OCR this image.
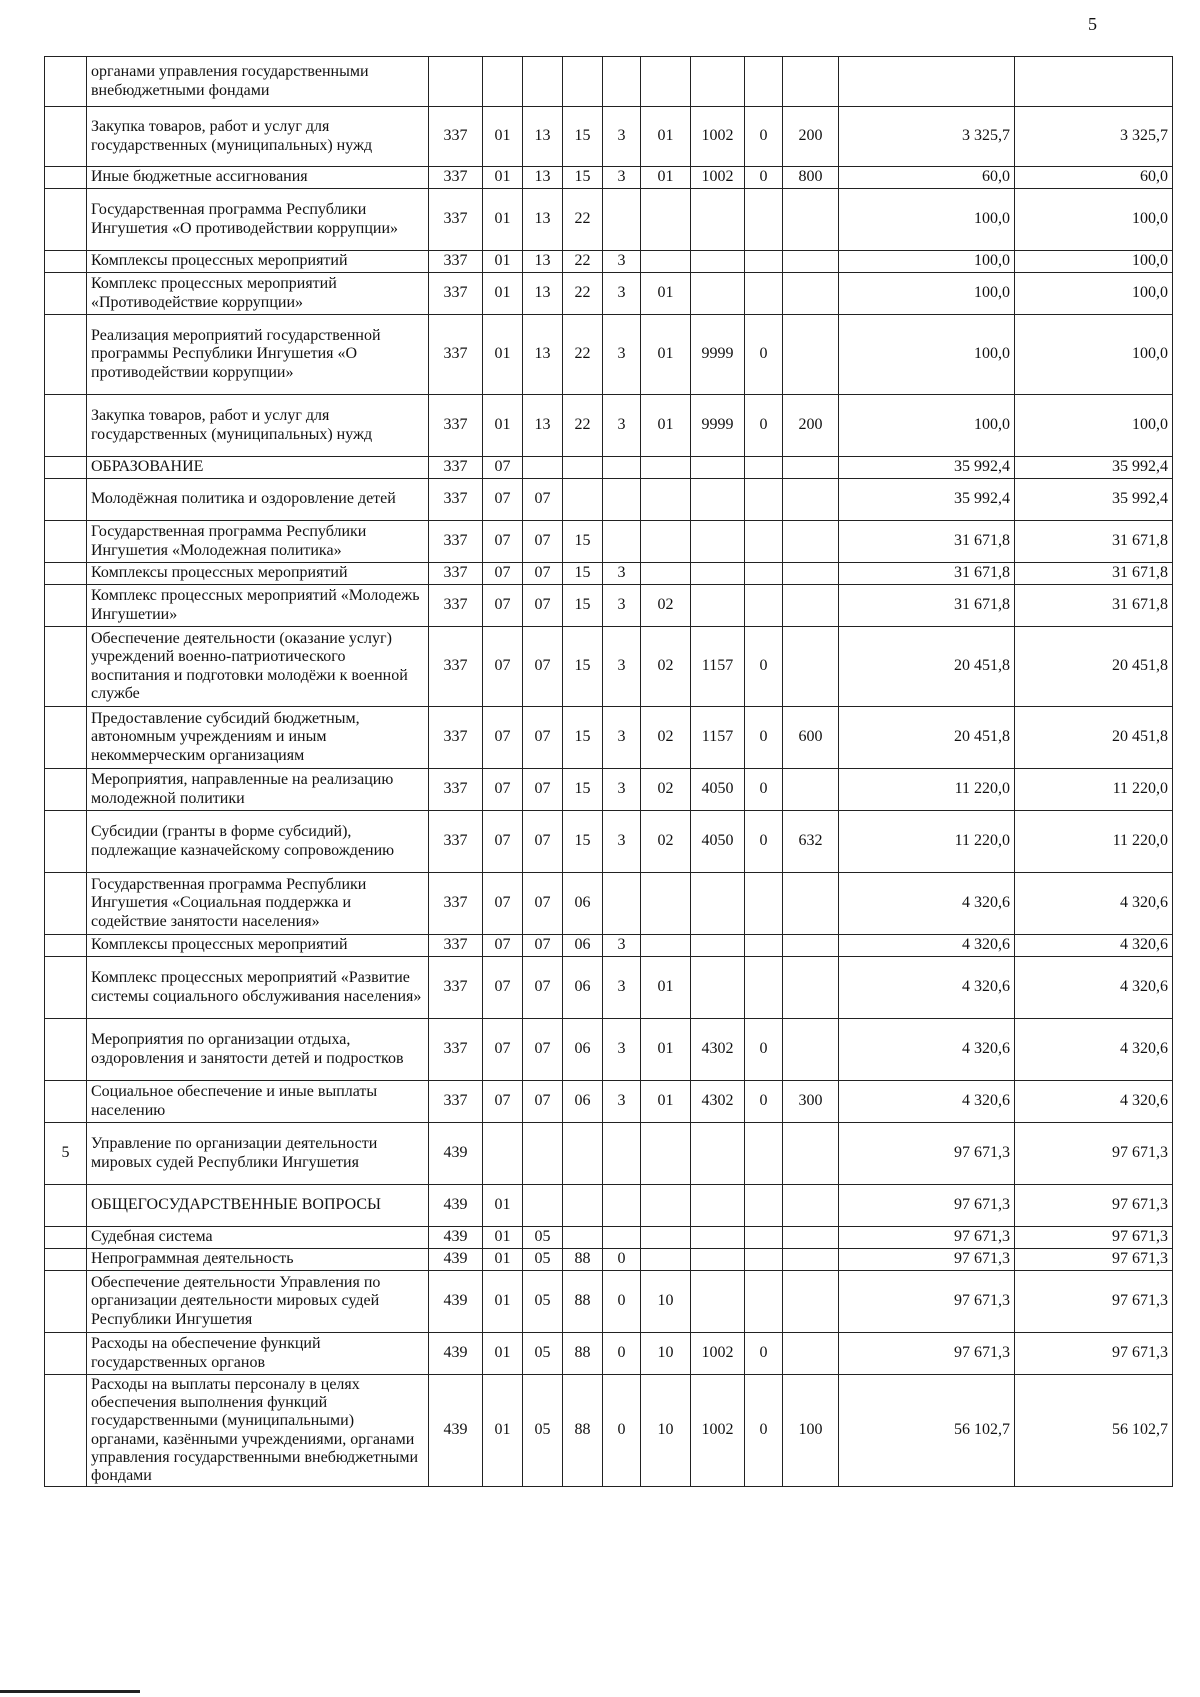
5
	органами управления государственными внебюджетными фондами											
	Закупка товаров, работ и услуг для государственных (муниципальных) нужд	337	01	13	15	3	01	1002	0	200	3 325,7	3 325,7
	Иные бюджетные ассигнования	337	01	13	15	3	01	1002	0	800	60,0	60,0
	Государственная программа Республики Ингушетия «О противодействии коррупции»	337	01	13	22						100,0	100,0
	Комплексы процессных мероприятий	337	01	13	22	3					100,0	100,0
	Комплекс процессных мероприятий «Противодействие коррупции»	337	01	13	22	3	01				100,0	100,0
	Реализация мероприятий государственной программы Республики Ингушетия «О противодействии коррупции»	337	01	13	22	3	01	9999	0		100,0	100,0
	Закупка товаров, работ и услуг для государственных (муниципальных) нужд	337	01	13	22	3	01	9999	0	200	100,0	100,0
	ОБРАЗОВАНИЕ	337	07								35 992,4	35 992,4
	Молодёжная политика и оздоровление детей	337	07	07							35 992,4	35 992,4
	Государственная программа Республики Ингушетия «Молодежная политика»	337	07	07	15						31 671,8	31 671,8
	Комплексы процессных мероприятий	337	07	07	15	3					31 671,8	31 671,8
	Комплекс процессных мероприятий «Молодежь Ингушетии»	337	07	07	15	3	02				31 671,8	31 671,8
	Обеспечение деятельности (оказание услуг) учреждений военно-патриотического воспитания и подготовки молодёжи к военной службе	337	07	07	15	3	02	1157	0		20 451,8	20 451,8
	Предоставление субсидий бюджетным, автономным учреждениям и иным некоммерческим организациям	337	07	07	15	3	02	1157	0	600	20 451,8	20 451,8
	Мероприятия, направленные на реализацию молодежной политики	337	07	07	15	3	02	4050	0		11 220,0	11 220,0
	Субсидии (гранты в форме субсидий), подлежащие казначейскому сопровождению	337	07	07	15	3	02	4050	0	632	11 220,0	11 220,0
	Государственная программа Республики Ингушетия «Социальная поддержка и содействие занятости населения»	337	07	07	06						4 320,6	4 320,6
	Комплексы процессных мероприятий	337	07	07	06	3					4 320,6	4 320,6
	Комплекс процессных мероприятий «Развитие системы социального обслуживания населения»	337	07	07	06	3	01				4 320,6	4 320,6
	Мероприятия по организации отдыха, оздоровления и занятости детей и подростков	337	07	07	06	3	01	4302	0		4 320,6	4 320,6
	Социальное обеспечение и иные выплаты населению	337	07	07	06	3	01	4302	0	300	4 320,6	4 320,6
5	Управление по организации деятельности мировых судей Республики Ингушетия	439									97 671,3	97 671,3
	ОБЩЕГОСУДАРСТВЕННЫЕ ВОПРОСЫ	439	01								97 671,3	97 671,3
	Судебная система	439	01	05							97 671,3	97 671,3
	Непрограммная деятельность	439	01	05	88	0					97 671,3	97 671,3
	Обеспечение деятельности Управления по организации деятельности мировых судей Республики Ингушетия	439	01	05	88	0	10				97 671,3	97 671,3
	Расходы на обеспечение функций государственных органов	439	01	05	88	0	10	1002	0		97 671,3	97 671,3
	Расходы на выплаты персоналу в целях обеспечения выполнения функций государственными (муниципальными) органами, казёнными учреждениями, органами управления государственными внебюджетными фондами	439	01	05	88	0	10	1002	0	100	56 102,7	56 102,7
